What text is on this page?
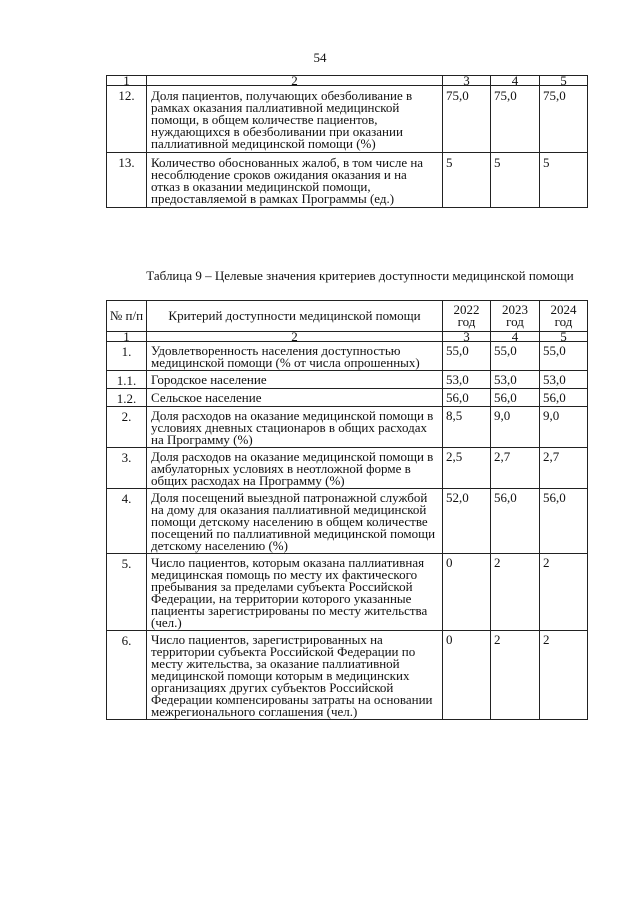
54
1	2	3	4	5
12.	Доля пациентов, получающих обезболивание в рамках оказания паллиативной медицинской помощи, в общем количестве пациентов, нуждающихся в обезболивании при оказании паллиативной медицинской помощи (%)	75,0	75,0	75,0
13.	Количество обоснованных жалоб, в том числе на несоблюдение сроков ожидания оказания и на отказ в оказании медицинской помощи, предоставляемой в рамках Программы (ед.)	5	5	5
Таблица 9 – Целевые значения критериев доступности медицинской помощи
№ п/п	Критерий доступности медицинской помощи	2022 год	2023 год	2024 год
1	2	3	4	5
1.	Удовлетворенность населения доступностью медицинской помощи (% от числа опрошенных)	55,0	55,0	55,0
1.1.	Городское население	53,0	53,0	53,0
1.2.	Сельское население	56,0	56,0	56,0
2.	Доля расходов на оказание медицинской помощи в условиях дневных стационаров в общих расходах на Программу (%)	8,5	9,0	9,0
3.	Доля расходов на оказание медицинской помощи в амбулаторных условиях в неотложной форме в общих расходах на Программу (%)	2,5	2,7	2,7
4.	Доля посещений выездной патронажной службой на дому для оказания паллиативной медицинской помощи детскому населению в общем количестве посещений по паллиативной медицинской помощи детскому населению (%)	52,0	56,0	56,0
5.	Число пациентов, которым оказана паллиативная медицинская помощь по месту их фактического пребывания за пределами субъекта Российской Федерации, на территории которого указанные пациенты зарегистрированы по месту жительства (чел.)	0	2	2
6.	Число пациентов, зарегистрированных на территории субъекта Российской Федерации по месту жительства, за оказание паллиативной медицинской помощи которым в медицинских организациях других субъектов Российской Федерации компенсированы затраты на основании межрегионального соглашения (чел.)	0	2	2
